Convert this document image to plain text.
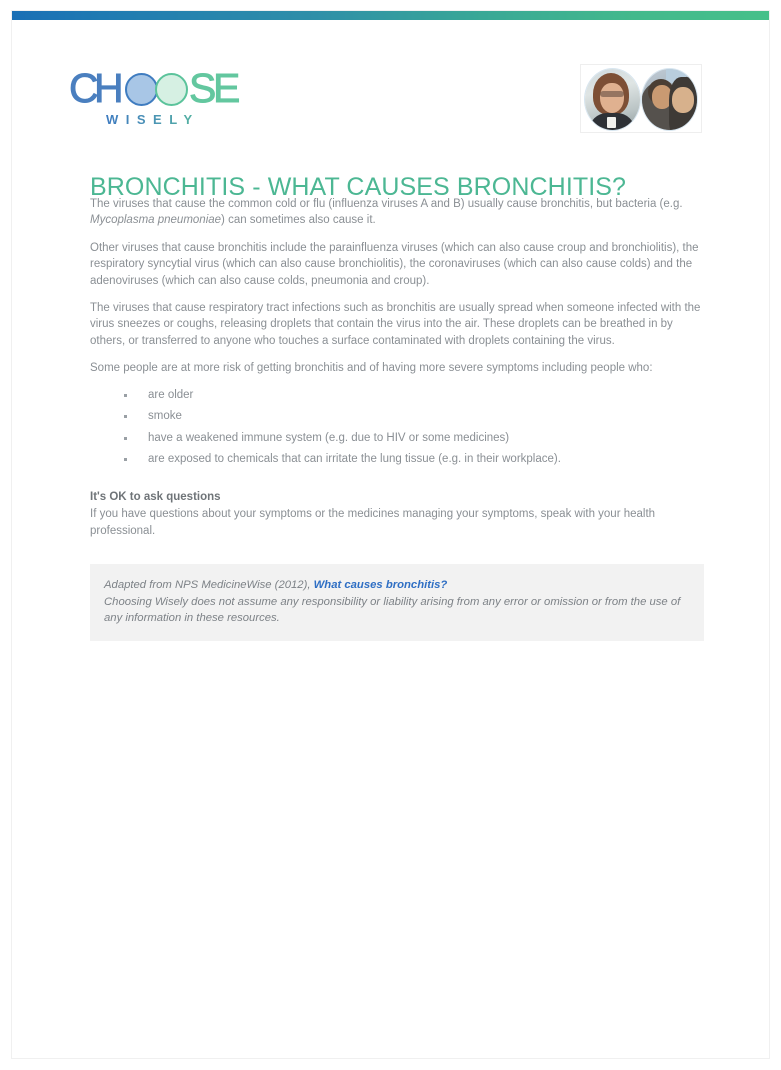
C
H S
E
WISELY
BRONCHITIS - WHAT CAUSES BRONCHITIS?

The viruses that cause the common cold or flu (influenza viruses A and B) usually cause bronchitis, but bacteria (e.g. Mycoplasma pneumoniae) can sometimes also cause it.

Other viruses that cause bronchitis include the parainfluenza viruses (which can also cause croup and bronchiolitis), the respiratory syncytial virus (which can also cause bronchiolitis), the coronaviruses (which can also cause colds) and the adenoviruses (which can also cause colds, pneumonia and croup).

The viruses that cause respiratory tract infections such as bronchitis are usually spread when someone infected with the virus sneezes or coughs, releasing droplets that contain the virus into the air. These droplets can be breathed in by others, or transferred to anyone who touches a surface contaminated with droplets containing the virus.

Some people are at more risk of getting bronchitis and of having more severe symptoms including people who:

are older
smoke
have a weakened immune system (e.g. due to HIV or some medicines)
are exposed to chemicals that can irritate the lung tissue (e.g. in their workplace).

It's OK to ask questions

If you have questions about your symptoms or the medicines managing your symptoms, speak with your health professional.

Adapted from NPS MedicineWise (2012), What causes bronchitis?

Choosing Wisely does not assume any responsibility or liability arising from any error or omission or from the use of any information in these resources.
